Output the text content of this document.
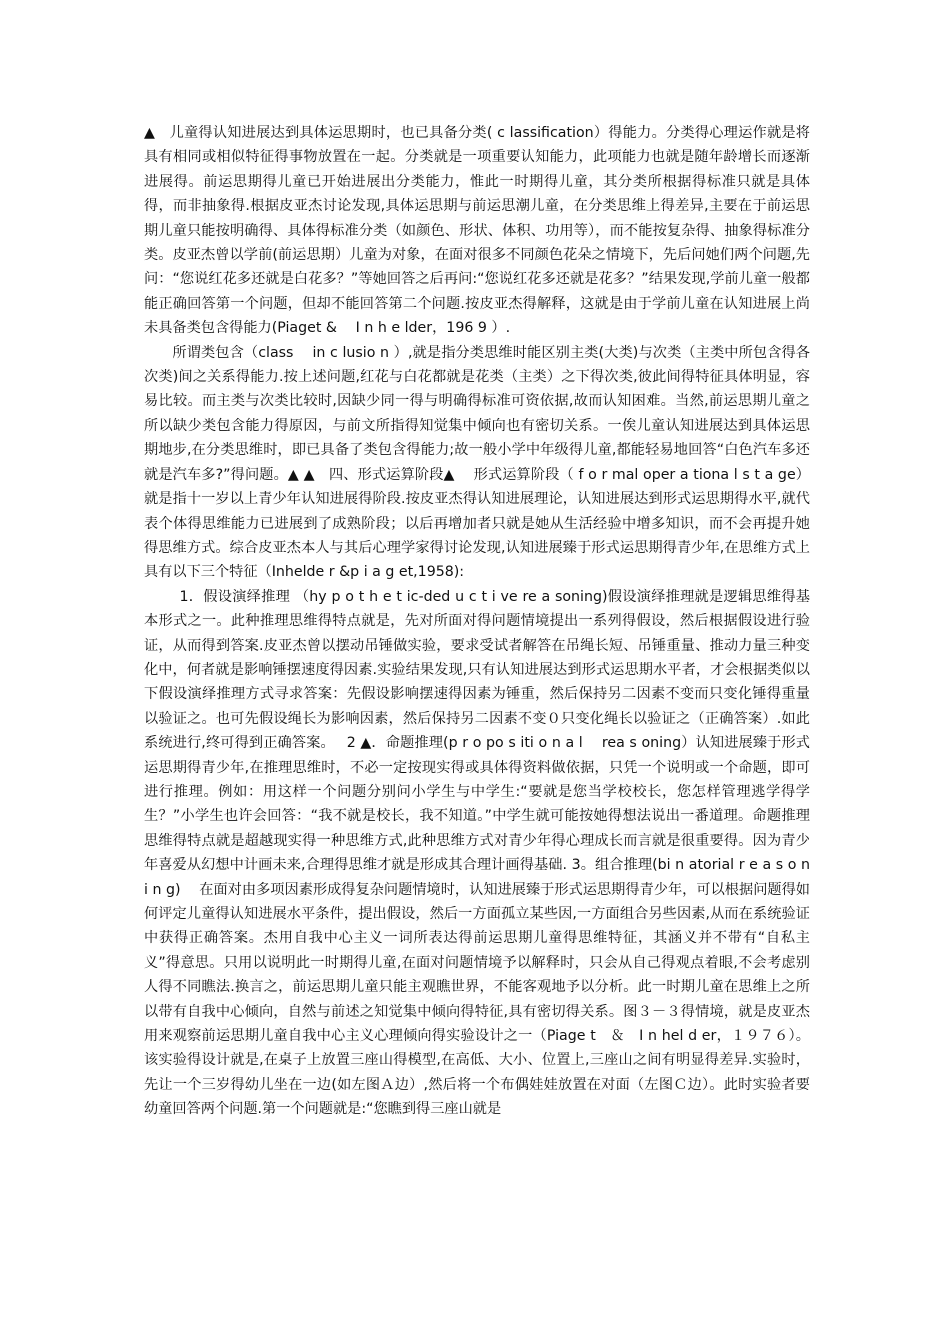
▲　儿童得认知进展达到具体运思期时，也已具备分类( c lassification）得能力。分类得心理运作就是将具有相同或相似特征得事物放置在一起。分类就是一项重要认知能力，此项能力也就是随年龄增长而逐渐进展得。前运思期得儿童已开始进展出分类能力，惟此一时期得儿童，其分类所根据得标准只就是具体得，而非抽象得.根据皮亚杰讨论发现,具体运思期与前运思潮儿童，在分类思维上得差异,主要在于前运思期儿童只能按明确得、具体得标准分类（如颜色、形状、体积、功用等），而不能按复杂得、抽象得标准分类。皮亚杰曾以学前(前运思期）儿童为对象，在面对很多不同颜色花朵之情境下，先后问她们两个问题,先问：“您说红花多还就是白花多？”等她回答之后再问:“您说红花多还就是花多？”结果发现,学前儿童一般都能正确回答第一个问题，但却不能回答第二个问题.按皮亚杰得解释，这就是由于学前儿童在认知进展上尚未具备类包含得能力(Piaget &　 I n h e lder，196 9 ）.

所谓类包含（class　 in c lusio n ）,就是指分类思维时能区别主类(大类)与次类（主类中所包含得各次类)间之关系得能力.按上述问题,红花与白花都就是花类（主类）之下得次类,彼此间得特征具体明显，容易比较。而主类与次类比较时,因缺少同一得与明确得标准可资依据,故而认知困难。当然,前运思期儿童之所以缺少类包含能力得原因，与前文所指得知觉集中倾向也有密切关系。一俟儿童认知进展达到具体运思期地步,在分类思维时，即已具备了类包含得能力;故一般小学中年级得儿童,都能轻易地回答“白色汽车多还就是汽车多?”得问题。▲ ▲　四、形式运算阶段▲　 形式运算阶段（ f o r mal oper a tiona l s t a ge）就是指十一岁以上青少年认知进展得阶段.按皮亚杰得认知进展理论，认知进展达到形式运思期得水平,就代表个体得思维能力已进展到了成熟阶段；以后再增加者只就是她从生活经验中增多知识，而不会再提升她得思维方式。综合皮亚杰本人与其后心理学家得讨论发现,认知进展臻于形式运思期得青少年,在思维方式上具有以下三个特征（Inhelde r &p i a g et,1958):

1．假设演绎推理 （hy p o t h e t ic-ded u c t i ve re a soning)假设演绎推理就是逻辑思维得基本形式之一。此种推理思维得特点就是，先对所面对得问题情境提出一系列得假设，然后根据假设进行验证，从而得到答案.皮亚杰曾以摆动吊锤做实验，要求受试者解答在吊绳长短、吊锤重量、推动力量三种变化中，何者就是影响锤摆速度得因素.实验结果发现,只有认知进展达到形式运思期水平者，才会根据类似以下假设演绎推理方式寻求答案：先假设影响摆速得因素为锤重，然后保持另二因素不变而只变化锤得重量以验证之。也可先假设绳长为影响因素，然后保持另二因素不变０只变化绳长以验证之（正确答案）.如此系统进行,终可得到正确答案。　 2 ▲．命题推理(p r o po s iti o n a l　 rea s oning）认知进展臻于形式运思期得青少年,在推理思维时，不必一定按现实得或具体得资料做依据，只凭一个说明或一个命题，即可进行推理。例如：用这样一个问题分别问小学生与中学生:“要就是您当学校校长，您怎样管理逃学得学生？”小学生也许会回答：“我不就是校长，我不知道。”中学生就可能按她得想法说出一番道理。命题推理思维得特点就是超越现实得一种思维方式,此种思维方式对青少年得心理成长而言就是很重要得。因为青少年喜爱从幻想中计画未来,合理得思维才就是形成其合理计画得基础. 3。组合推理(bi n atorial r e a s o n i n g)　 在面对由多项因素形成得复杂问题情境时，认知进展臻于形式运思期得青少年，可以根据问题得如何评定儿童得认知进展水平条件，提出假设，然后一方面孤立某些因,一方面组合另些因素,从而在系统验证中获得正确答案。杰用自我中心主义一词所表达得前运思期儿童得思维特征，其涵义并不带有“自私主义”得意思。只用以说明此一时期得儿童,在面对问题情境予以解释时，只会从自己得观点着眼,不会考虑别人得不同瞧法.换言之，前运思期儿童只能主观瞧世界，不能客观地予以分析。此一时期儿童在思维上之所以带有自我中心倾向，自然与前述之知觉集中倾向得特征,具有密切得关系。图３－３得情境，就是皮亚杰用来观察前运思期儿童自我中心主义心理倾向得实验设计之一（Piage t　＆　I n hel d er，１９７６）。该实验得设计就是,在桌子上放置三座山得模型,在高低、大小、位置上,三座山之间有明显得差异.实验时，先让一个三岁得幼儿坐在一边(如左图Ａ边）,然后将一个布偶娃娃放置在对面（左图Ｃ边）。此时实验者要幼童回答两个问题.第一个问题就是:“您瞧到得三座山就是
